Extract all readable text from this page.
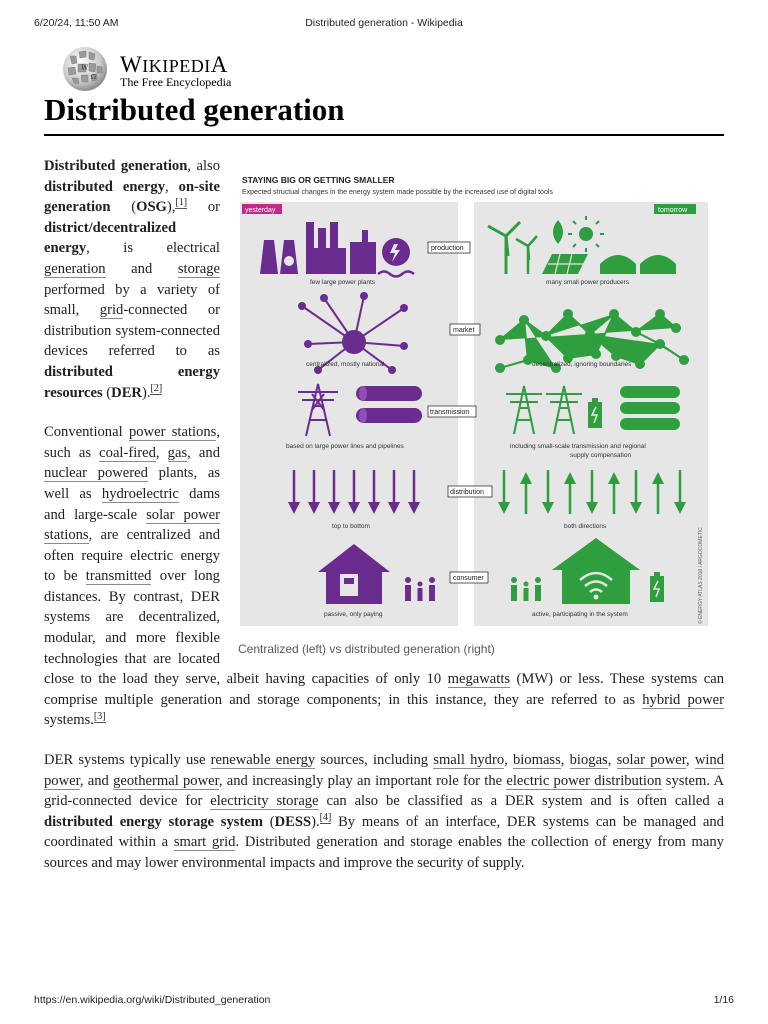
6/20/24, 11:50 AM	Distributed generation - Wikipedia
W
Ω
WIKIPEDIA
The Free Encyclopedia
Distributed generation
STAYING BIG OR GETTING SMALLER
Expected structual changes in the energy system made possible by the increased use of digital tools
yesterday	tomorrow
production
few large power plants	many small power producers
market
centralized, mostly national	decentralized, ignoring boundaries
transmission
based on large power lines and pipelines	including small-scale transmission and regional
supply compensation
distribution
top to bottom	both directions
consumer
passive, only paying	active, participating in the system	© ENERGY ATLAS 2018 / ARGOCOMETIC
Centralized (left) vs distributed generation (right)

Distributed generation, also distributed energy, on-site generation (OSG),[1] or district/decentralized energy, is electrical generation and storage performed by a variety of small, grid-connected or distribution system-connected devices referred to as distributed energy resources (DER).[2]

Conventional power stations, such as coal-fired, gas, and nuclear powered plants, as well as hydroelectric dams and large-scale solar power stations, are centralized and often require electric energy to be transmitted over long distances. By contrast, DER systems are decentralized, modular, and more flexible technologies that are located close to the load they serve, albeit having capacities of only 10 megawatts (MW) or less. These systems can comprise multiple generation and storage components; in this instance, they are referred to as hybrid power systems.[3]

DER systems typically use renewable energy sources, including small hydro, biomass, biogas, solar power, wind power, and geothermal power, and increasingly play an important role for the electric power distribution system. A grid-connected device for electricity storage can also be classified as a DER system and is often called a distributed energy storage system (DESS).[4] By means of an interface, DER systems can be managed and coordinated within a smart grid. Distributed generation and storage enables the collection of energy from many sources and may lower environmental impacts and improve the security of supply.

https://en.wikipedia.org/wiki/Distributed_generation	1/16
